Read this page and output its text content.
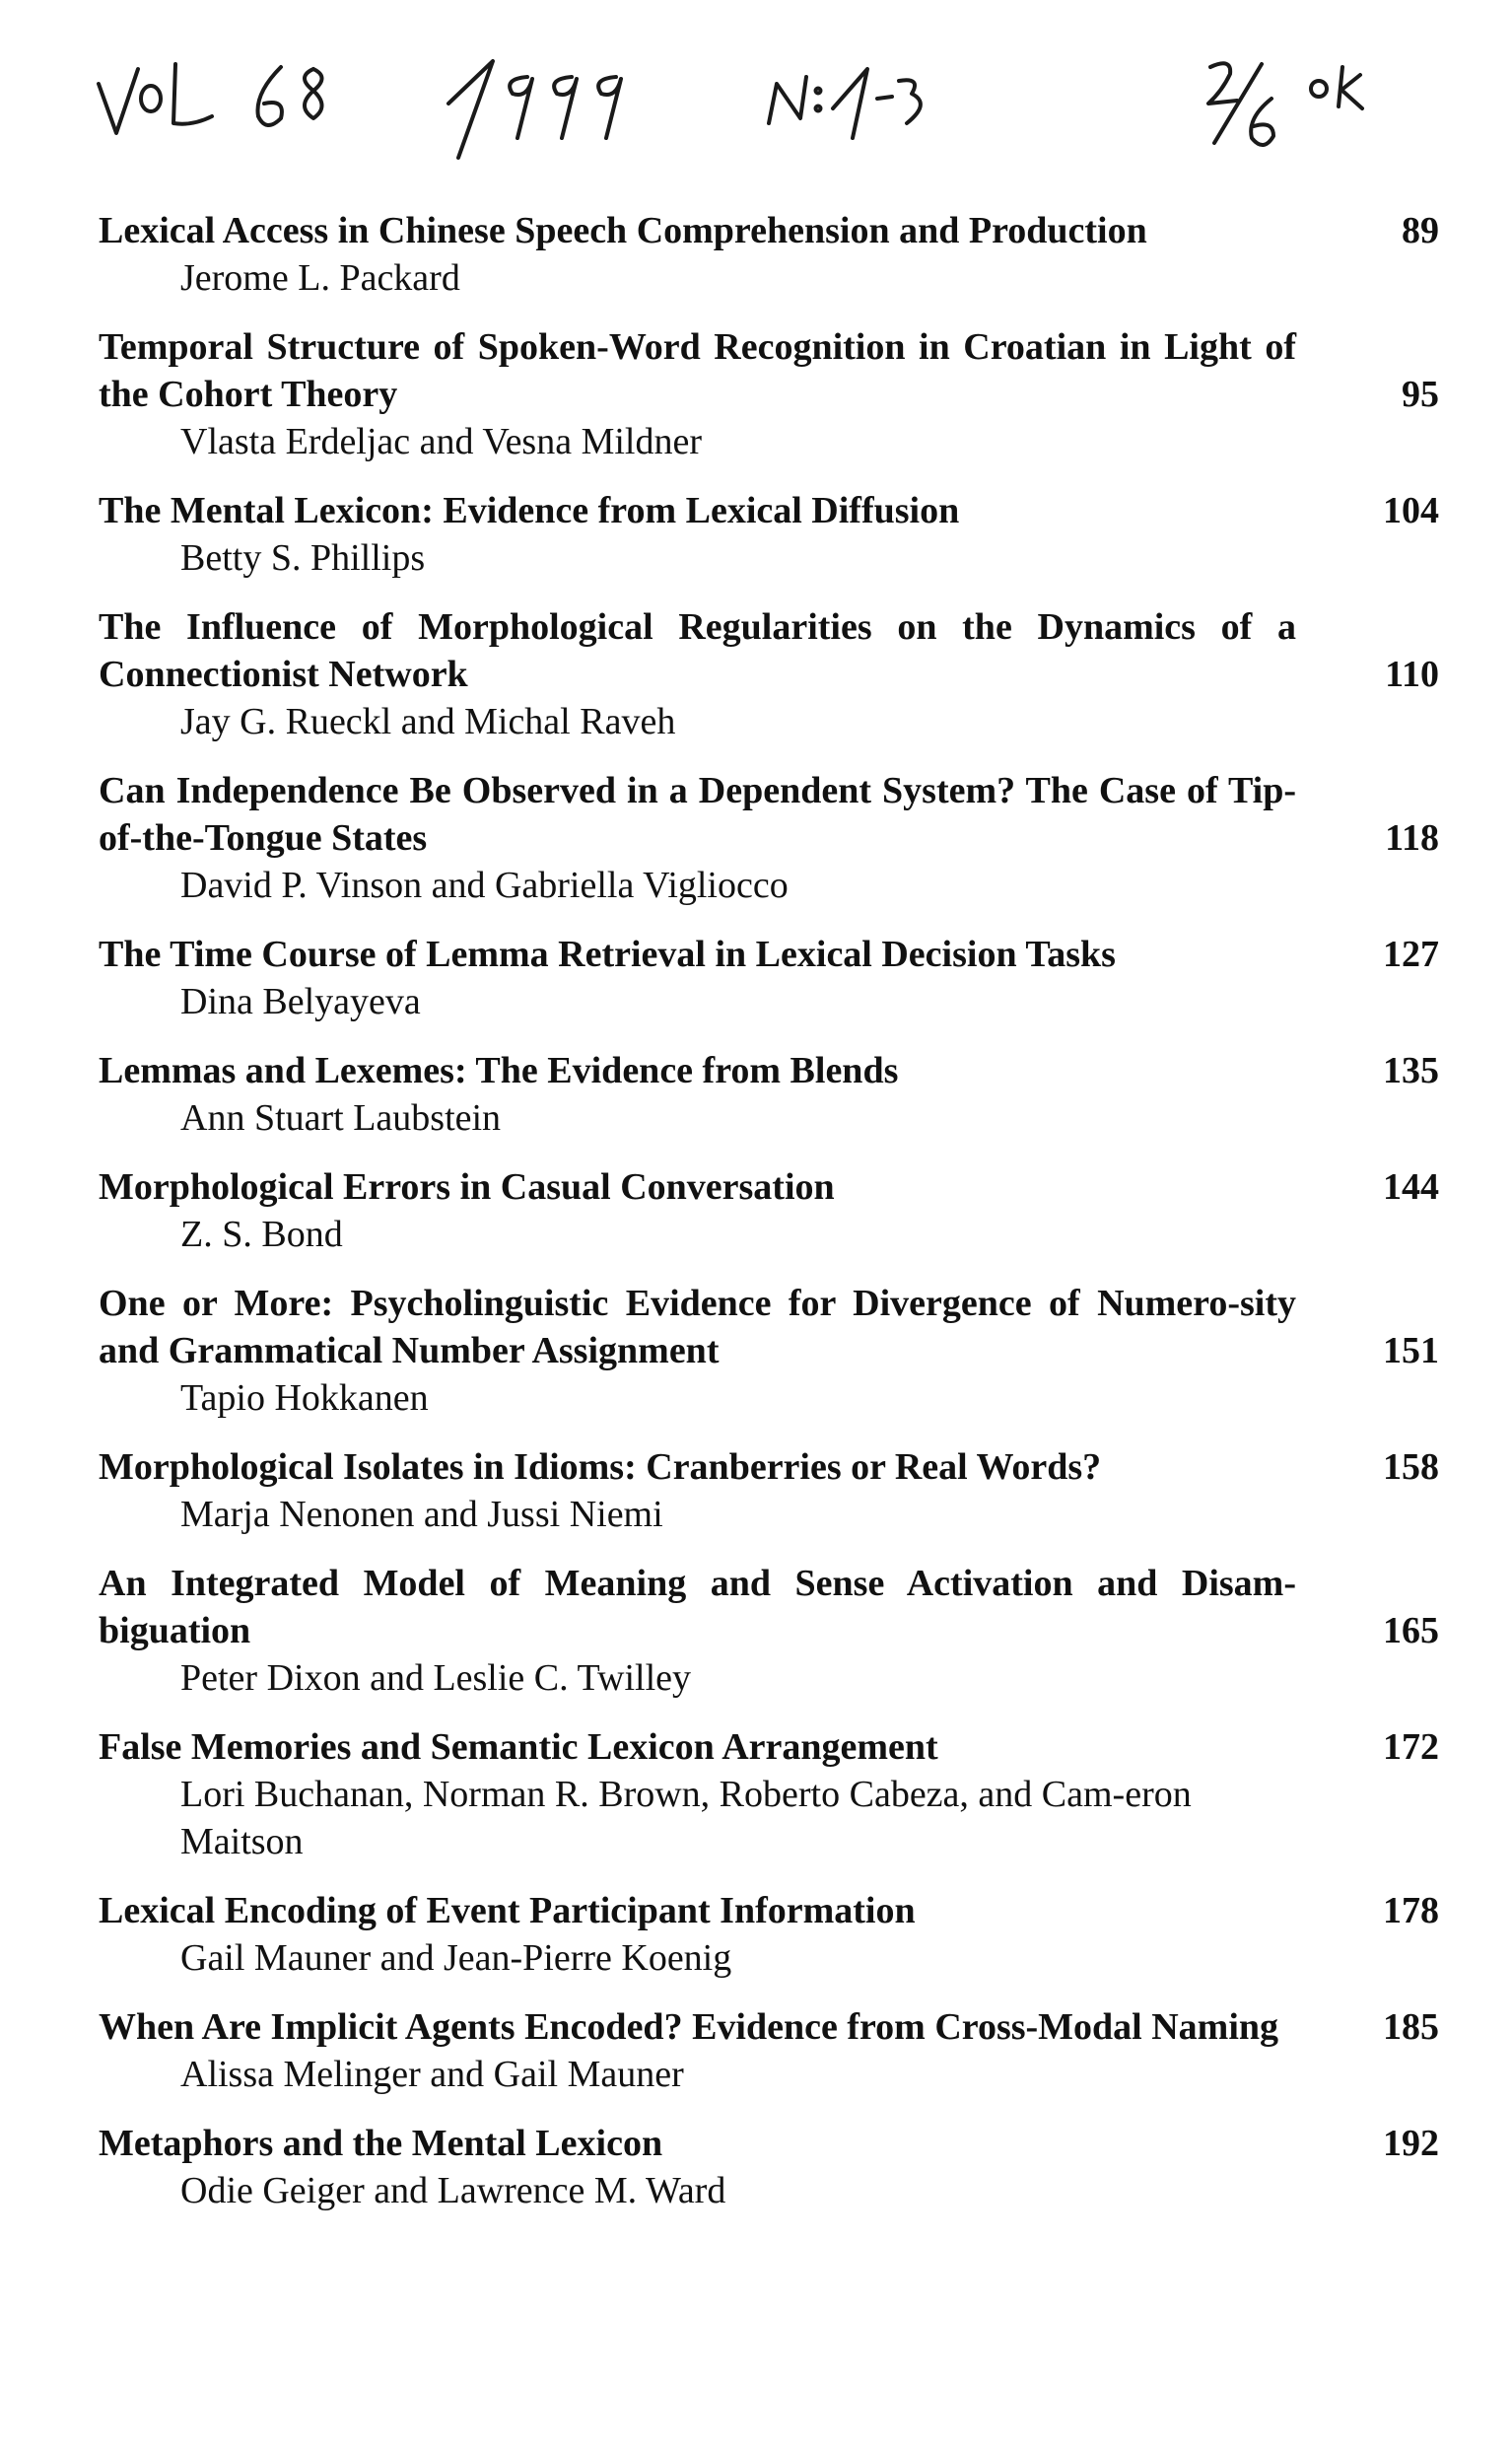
Lexical Access in Chinese Speech Comprehension and Production	89
Jerome L. Packard
Temporal Structure of Spoken-Word Recognition in Croatian in Light of the Cohort Theory	95
Vlasta Erdeljac and Vesna Mildner
The Mental Lexicon: Evidence from Lexical Diffusion	104
Betty S. Phillips
The Influence of Morphological Regularities on the Dynamics of a Connectionist Network	110
Jay G. Rueckl and Michal Raveh
Can Independence Be Observed in a Dependent System? The Case of Tip-of-the-Tongue States	118
David P. Vinson and Gabriella Vigliocco
The Time Course of Lemma Retrieval in Lexical Decision Tasks	127
Dina Belyayeva
Lemmas and Lexemes: The Evidence from Blends	135
Ann Stuart Laubstein
Morphological Errors in Casual Conversation	144
Z. S. Bond
One or More: Psycholinguistic Evidence for Divergence of Numero-sity and Grammatical Number Assignment	151
Tapio Hokkanen
Morphological Isolates in Idioms: Cranberries or Real Words?	158
Marja Nenonen and Jussi Niemi
An Integrated Model of Meaning and Sense Activation and Disam-biguation	165
Peter Dixon and Leslie C. Twilley
False Memories and Semantic Lexicon Arrangement	172
Lori Buchanan, Norman R. Brown, Roberto Cabeza, and Cam-eron Maitson
Lexical Encoding of Event Participant Information	178
Gail Mauner and Jean-Pierre Koenig
When Are Implicit Agents Encoded? Evidence from Cross-Modal Naming	185
Alissa Melinger and Gail Mauner
Metaphors and the Mental Lexicon	192
Odie Geiger and Lawrence M. Ward
